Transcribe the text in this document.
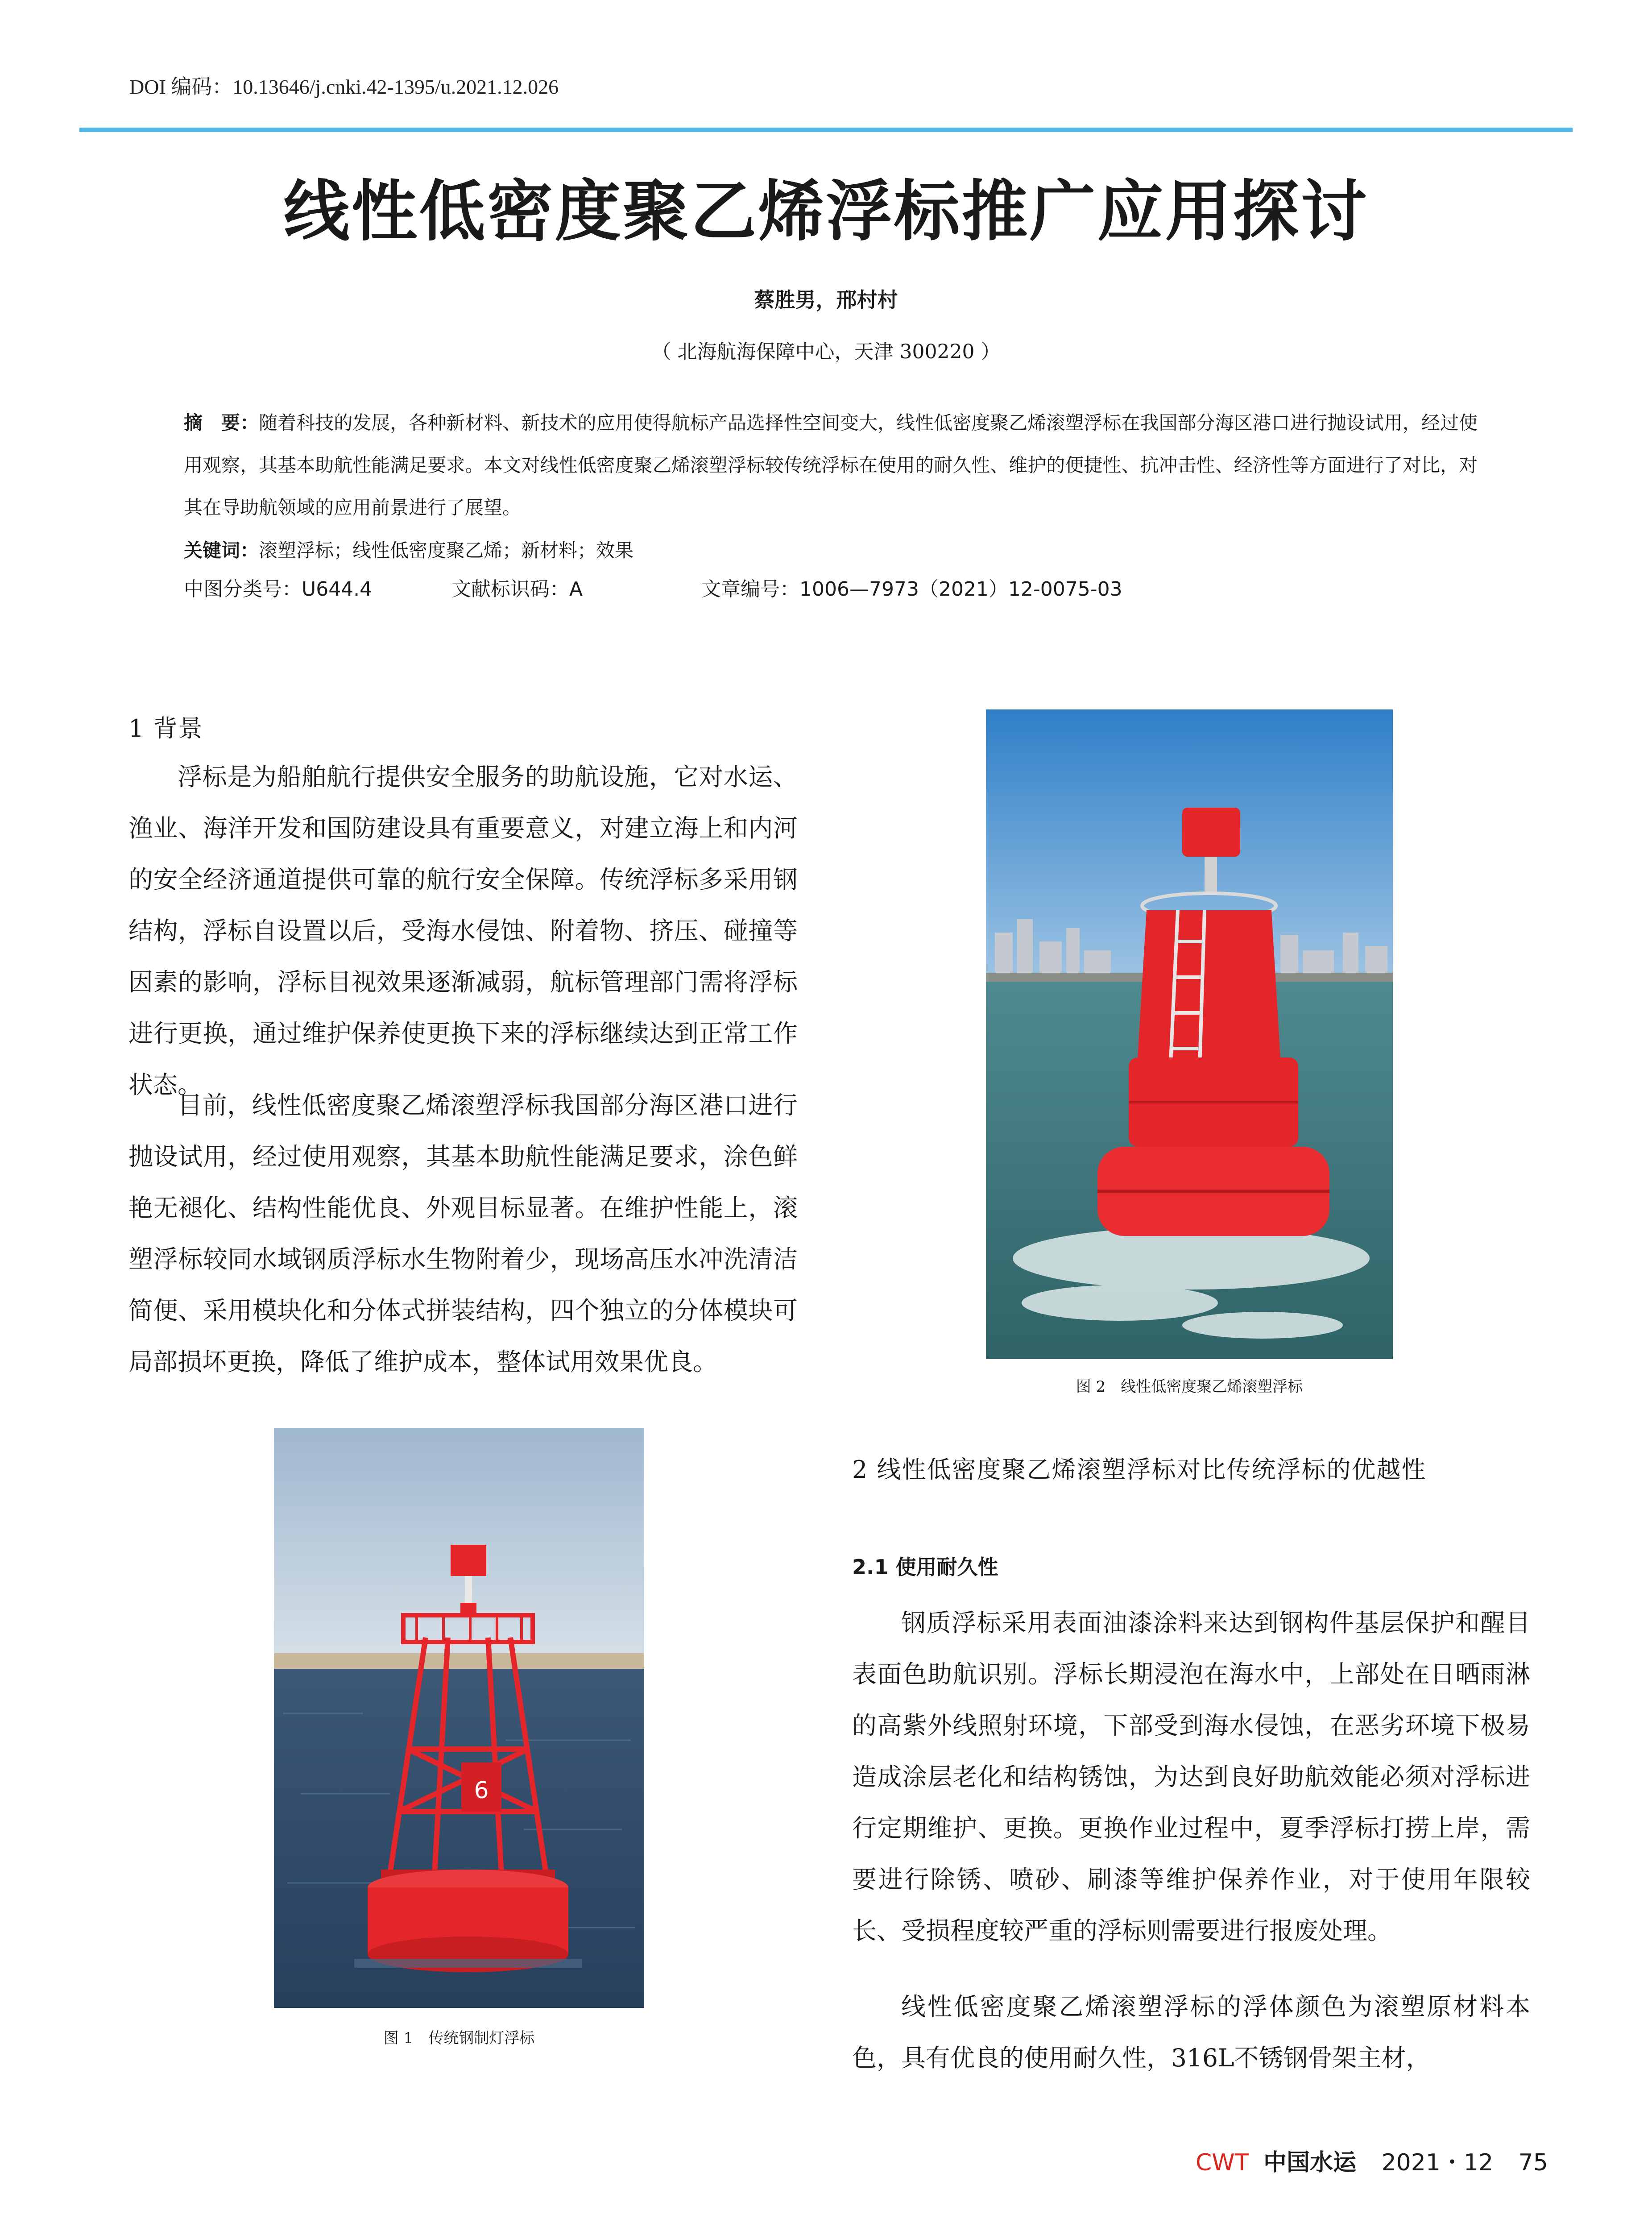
DOI 编码：10.13646/j.cnki.42-1395/u.2021.12.026
线性低密度聚乙烯浮标推广应用探讨
蔡胜男，邢村村
（ 北海航海保障中心，天津 300220 ）
摘　要：随着科技的发展，各种新材料、新技术的应用使得航标产品选择性空间变大，线性低密度聚乙烯滚塑浮标在我国部分海区港口进行抛设试用，经过使用观察，其基本助航性能满足要求。本文对线性低密度聚乙烯滚塑浮标较传统浮标在使用的耐久性、维护的便捷性、抗冲击性、经济性等方面进行了对比，对其在导助航领域的应用前景进行了展望。
关键词：滚塑浮标；线性低密度聚乙烯；新材料；效果
中图分类号：U644.4	文献标识码：A	文章编号：1006—7973（2021）12-0075-03
1 背景
浮标是为船舶航行提供安全服务的助航设施，它对水运、渔业、海洋开发和国防建设具有重要意义，对建立海上和内河的安全经济通道提供可靠的航行安全保障。传统浮标多采用钢结构，浮标自设置以后，受海水侵蚀、附着物、挤压、碰撞等因素的影响，浮标目视效果逐渐减弱，航标管理部门需将浮标进行更换，通过维护保养使更换下来的浮标继续达到正常工作状态。
目前，线性低密度聚乙烯滚塑浮标我国部分海区港口进行抛设试用，经过使用观察，其基本助航性能满足要求，涂色鲜艳无褪化、结构性能优良、外观目标显著。在维护性能上，滚塑浮标较同水域钢质浮标水生物附着少，现场高压水冲洗清洁简便、采用模块化和分体式拼装结构，四个独立的分体模块可局部损坏更换，降低了维护成本，整体试用效果优良。
6
图 1　传统钢制灯浮标
图 2　线性低密度聚乙烯滚塑浮标
2 线性低密度聚乙烯滚塑浮标对比传统浮标的优越性
2.1 使用耐久性
钢质浮标采用表面油漆涂料来达到钢构件基层保护和醒目表面色助航识别。浮标长期浸泡在海水中，上部处在日晒雨淋的高紫外线照射环境，下部受到海水侵蚀，在恶劣环境下极易造成涂层老化和结构锈蚀，为达到良好助航效能必须对浮标进行定期维护、更换。更换作业过程中，夏季浮标打捞上岸，需要进行除锈、喷砂、刷漆等维护保养作业，对于使用年限较长、受损程度较严重的浮标则需要进行报废处理。
线性低密度聚乙烯滚塑浮标的浮体颜色为滚塑原材料本色，具有优良的使用耐久性，316L不锈钢骨架主材，
CWT 中国水运 2021・12 75
